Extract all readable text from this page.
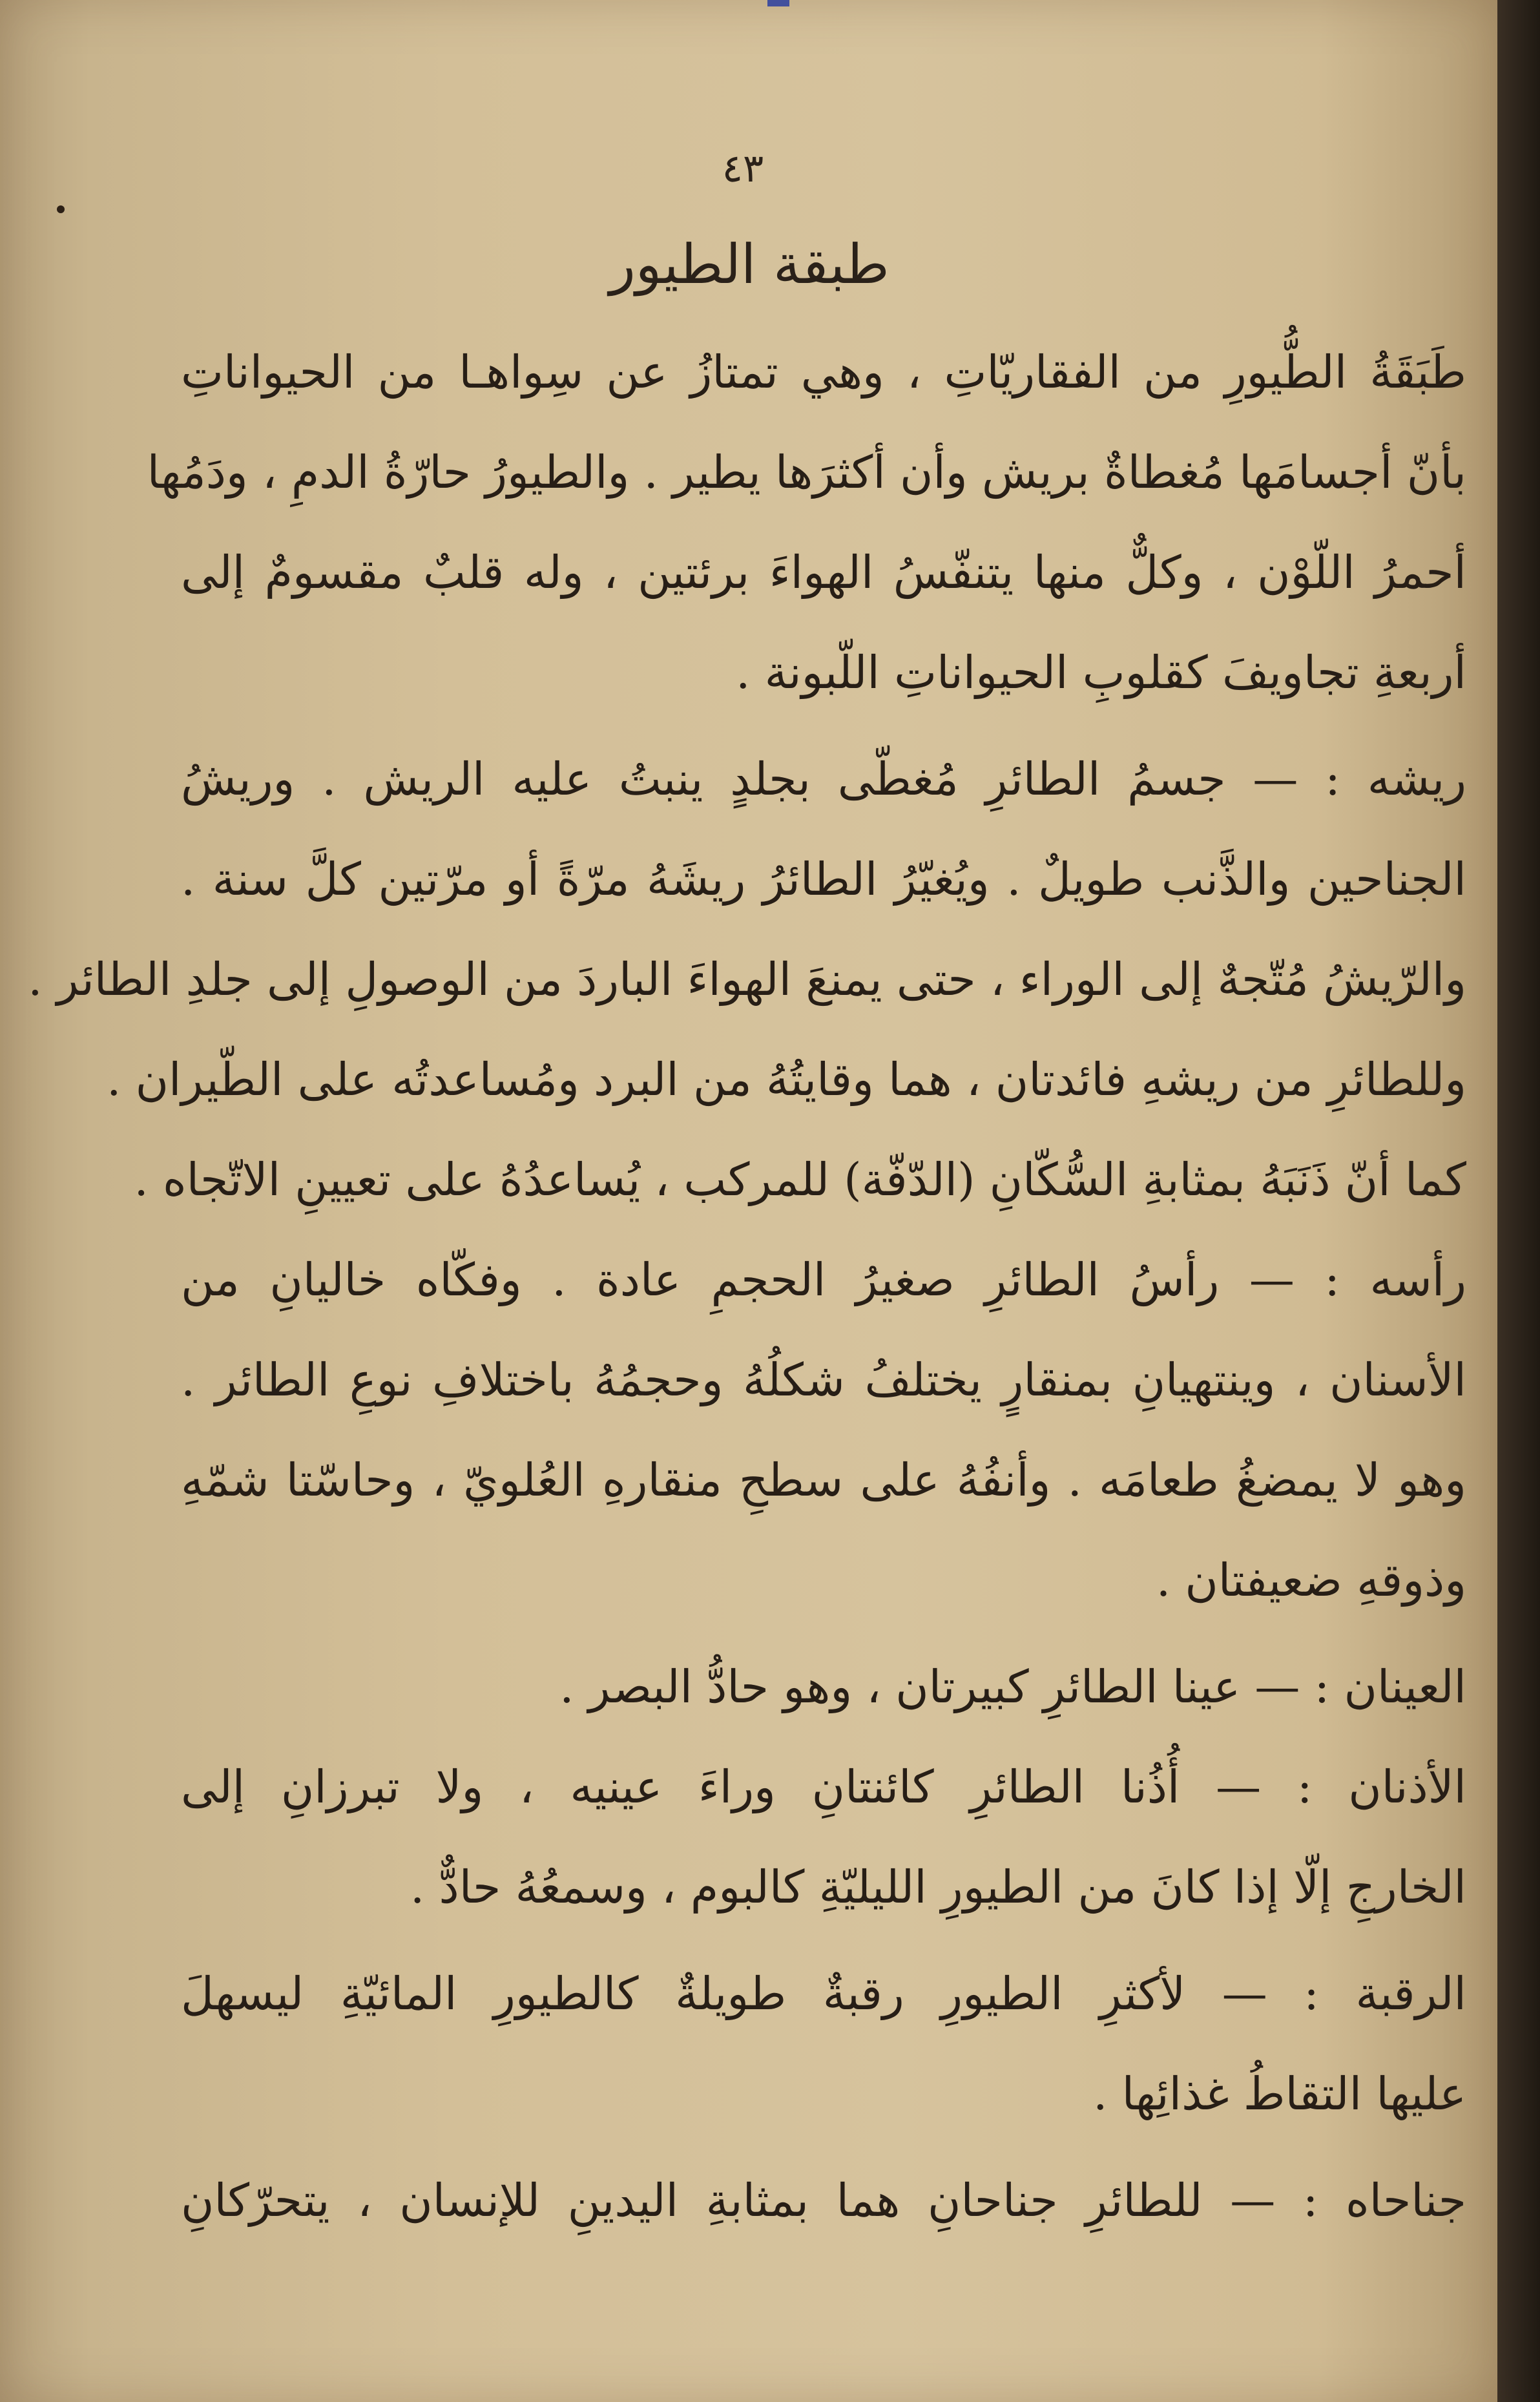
٤٣
طبقة الطيور
طَبَقَةُ الطُّيورِ من الفقاريّاتِ ، وهي تمتازُ عن سِواهـا من الحيواناتِ
بأنّ أجسامَها مُغطاةٌ بريش وأن أكثرَها يطير . والطيورُ حارّةُ الدمِ ، ودَمُها
أحمرُ اللّوْن ، وكلٌّ منها يتنفّسُ الهواءَ برئتين ، وله قلبٌ مقسومٌ إلى
أربعةِ تجاويفَ كقلوبِ الحيواناتِ اللّبونة .
ريشه : — جسمُ الطائرِ مُغطّى بجلدٍ ينبتُ عليه الريش . وريشُ
الجناحين والذَّنب طويلٌ . ويُغيّرُ الطائرُ ريشَهُ مرّةً أو مرّتين كلَّ سنة .
والرّيشُ مُتّجهٌ إلى الوراء ، حتى يمنعَ الهواءَ الباردَ من الوصولِ إلى جلدِ الطائر .
وللطائرِ من ريشهِ فائدتان ، هما وقايتُهُ من البرد ومُساعدتُه على الطّيران .
كما أنّ ذَنَبَهُ بمثابةِ السُّكّانِ (الدّفّة) للمركب ، يُساعدُهُ على تعيينِ الاتّجاه .
رأسه : — رأسُ الطائرِ صغيرُ الحجمِ عادة . وفكّاه خاليانِ من
الأسنان ، وينتهيانِ بمنقارٍ يختلفُ شكلُهُ وحجمُهُ باختلافِ نوعِ الطائر .
وهو لا يمضغُ طعامَه . وأنفُهُ على سطحِ منقارهِ العُلويّ ، وحاسّتا شمّهِ
وذوقهِ ضعيفتان .
العينان : — عينا الطائرِ كبيرتان ، وهو حادُّ البصر .
الأذنان : — أُذُنا الطائرِ كائنتانِ وراءَ عينيه ، ولا تبرزانِ إلى
الخارجِ إلّا إذا كانَ من الطيورِ الليليّةِ كالبوم ، وسمعُهُ حادٌّ .
الرقبة : — لأكثرِ الطيورِ رقبةٌ طويلةٌ كالطيورِ المائيّةِ ليسهلَ
عليها التقاطُ غذائِها .
جناحاه : — للطائرِ جناحانِ هما بمثابةِ اليدينِ للإنسان ، يتحرّكانِ
